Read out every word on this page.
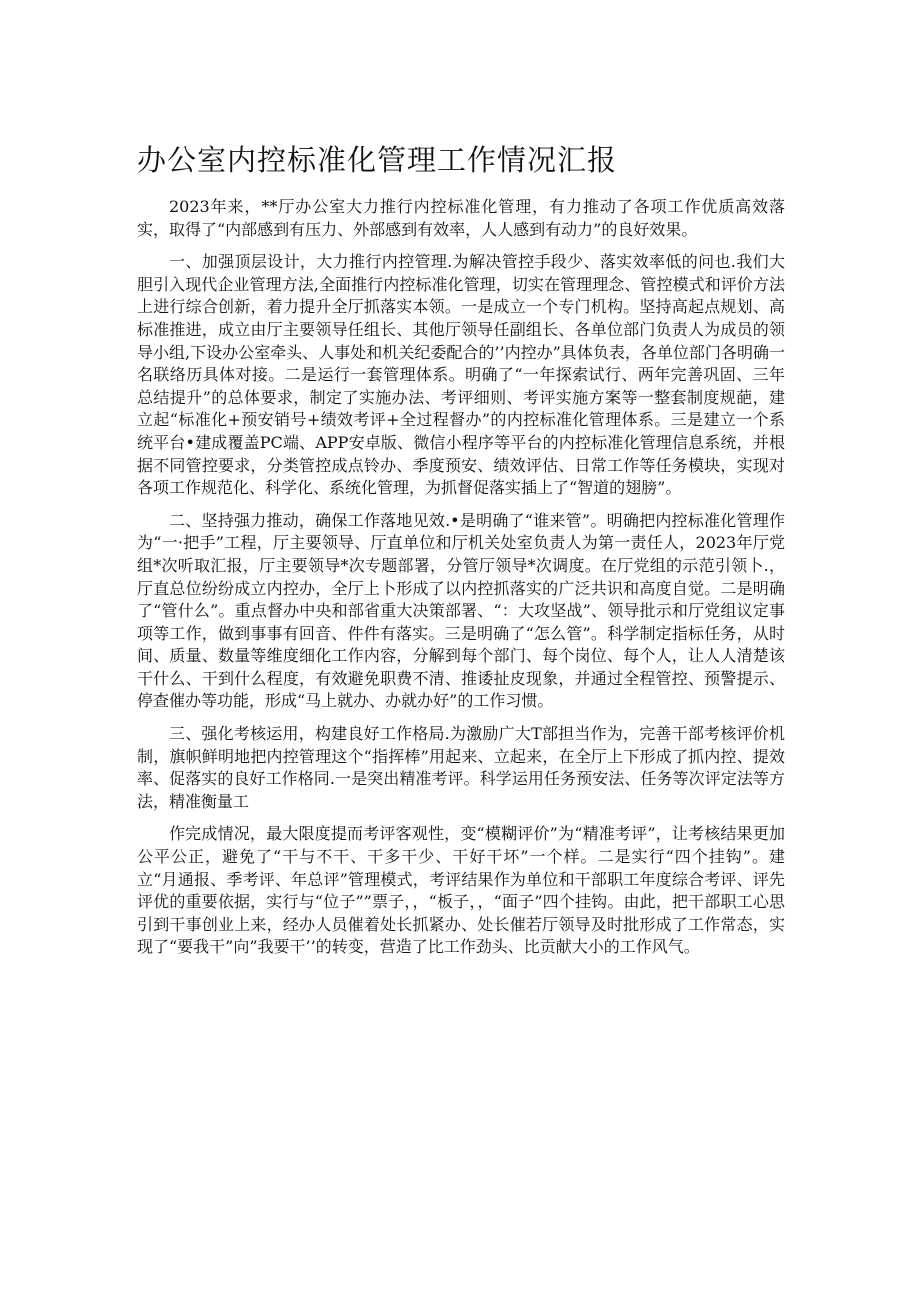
办公室内控标准化管理工作情况汇报

2023年来，**厅办公室大力推行内控标准化管理，有力推动了各项工作优质高效落实，取得了“内部感到有压力、外部感到有效率，人人感到有动力”的良好效果。

一、加强顶层设计，大力推行内控管理.为解决管控手段少、落实效率低的问也.我们大胆引入现代企业管理方法,全面推行内控标准化管理，切实在管理理念、管控模式和评价方法上进行综合创新，着力提升全厅抓落实本领。一是成立一个专门机构。坚持高起点规划、高标准推进，成立由厅主要领导任组长、其他厅领导任副组长、各单位部门负责人为成员的领导小组,下设办公室牵头、人事处和机关纪委配合的’’内控办”具体负表，各单位部门各明确一名联络历具体对接。二是运行一套管理体系。明确了“一年探索试行、两年完善巩固、三年总结提升”的总体要求，制定了实施办法、考评细则、考评实施方案等一整套制度规葩，建立起“标准化+预安销号+绩效考评+全过程督办”的内控标准化管理体系。三是建立一个系统平台•建成覆盖PC端、APP安卓版、微信小程序等平台的内控标准化管理信息系统，并根据不同管控要求，分类管控成点铃办、季度预安、绩效评估、日常工作等任务模块，实现对各项工作规范化、科学化、系统化管理，为抓督促落实插上了“智道的翅膀”。

二、坚持强力推动，确保工作落地见效.•是明确了“谁来管”。明确把内控标准化管理作为“一·把手”工程，厅主要领导、厅直单位和厅机关处室负责人为第一责任人，2023年厅党组*次听取汇报，厅主要领导*次专题部署，分管厅领导*次调度。在厅党组的示范引领卜.，厅直总位纷纷成立内控办，全厅上卜形成了以内控抓落实的广泛共识和高度自觉。二是明确了“管什么”。重点督办中央和部省重大决策部署、“：大攻坚战”、领导批示和厅党组议定事项等工作，做到事事有回音、件件有落实。三是明确了“怎么管”。科学制定指标任务，从时间、质量、数量等维度细化工作内容，分解到每个部门、每个岗位、每个人，让人人清楚该干什么、干到什么程度，有效避免职费不清、推诿扯皮现象，并通过全程管控、预警提示、停查催办等功能，形成“马上就办、办就办好”的工作习惯。

三、强化考核运用，构建良好工作格局.为激励广大T部担当作为，完善干部考核评价机制，旗帜鲜明地把内控管理这个“指挥棒”用起来、立起来，在全厅上下形成了抓内控、提效率、促落实的良好工作格同.一是突出精准考评。科学运用任务预安法、任务等次评定法等方法，精准衡量工

作完成情况，最大限度提而考评客观性，变“模糊评价”为“精准考评”，让考核结果更加公平公正，避免了“干与不干、干多干少、干好干坏”一个样。二是实行“四个挂钩”。建立“月通报、季考评、年总评”管理模式，考评结果作为单位和干部职工年度综合考评、评先评优的重要依据，实行与“位子””票子，，“板子，，“面子”四个挂钩。由此，把干部职工心思引到干事创业上来，经办人员催着处长抓紧办、处长催若厅领导及时批形成了工作常态，实现了“要我干”向”我要干’’的转变，营造了比工作劲头、比贡献大小的工作风气。
